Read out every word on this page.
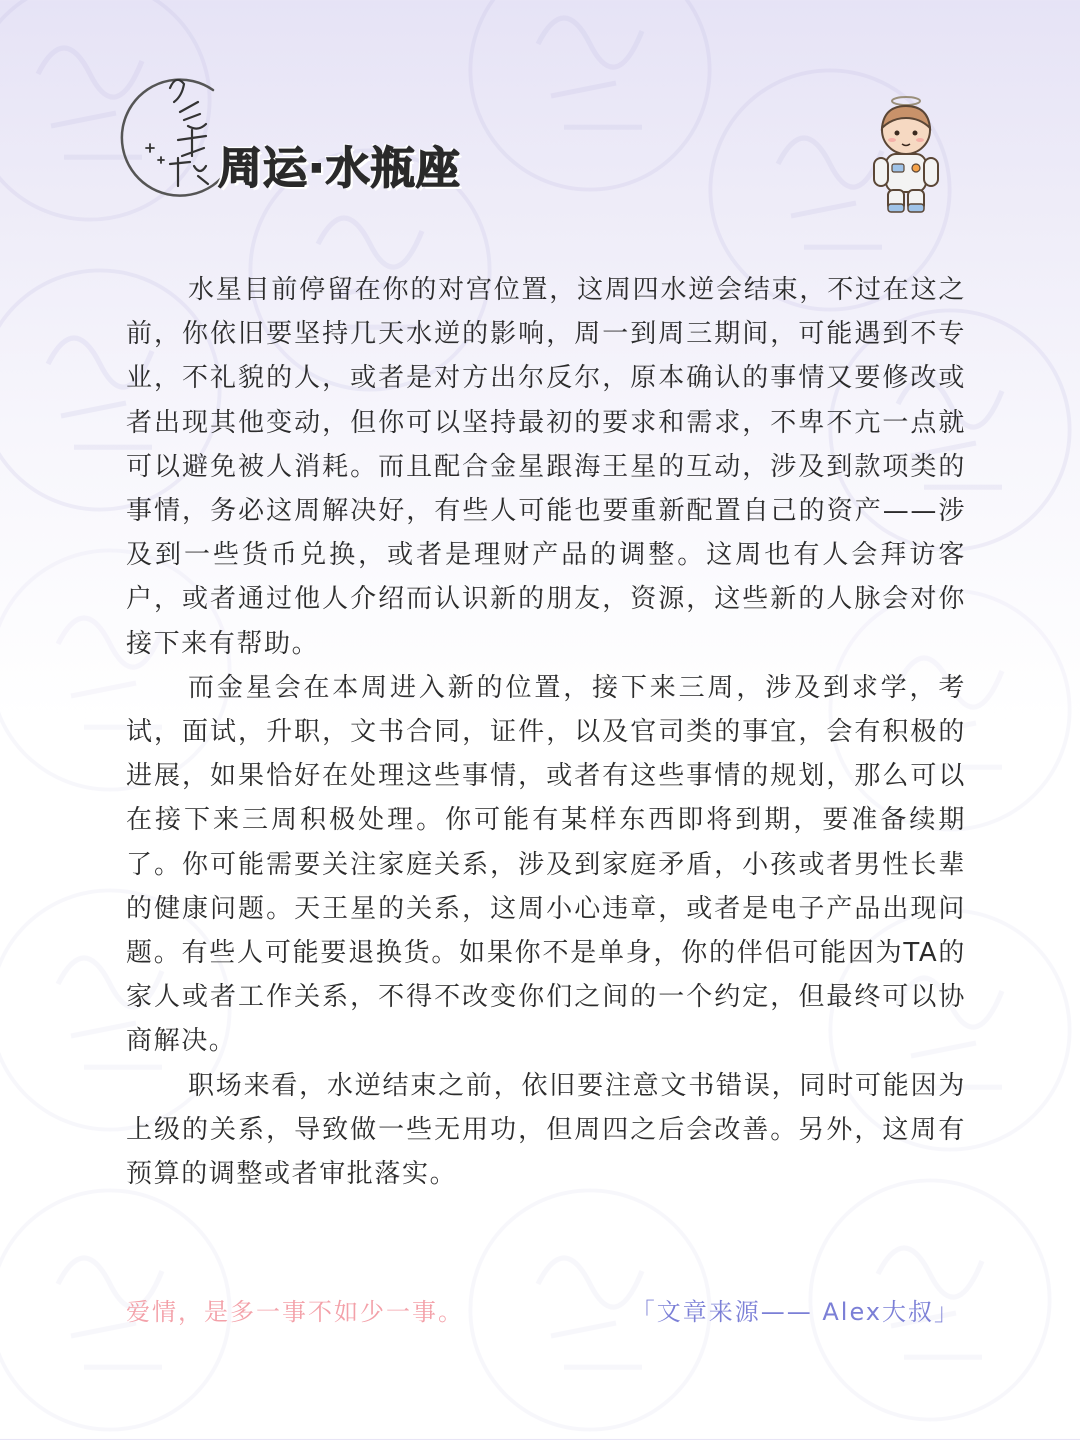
周运·水瓶座

水星目前停留在你的对宫位置，这周四水逆会结束，不过在这之前，你依旧要坚持几天水逆的影响，周一到周三期间，可能遇到不专业，不礼貌的人，或者是对方出尔反尔，原本确认的事情又要修改或者出现其他变动，但你可以坚持最初的要求和需求，不卑不亢一点就可以避免被人消耗。而且配合金星跟海王星的互动，涉及到款项类的事情，务必这周解决好，有些人可能也要重新配置自己的资产——涉及到一些货币兑换，或者是理财产品的调整。这周也有人会拜访客户，或者通过他人介绍而认识新的朋友，资源，这些新的人脉会对你接下来有帮助。

而金星会在本周进入新的位置，接下来三周，涉及到求学，考试，面试，升职，文书合同，证件，以及官司类的事宜，会有积极的进展，如果恰好在处理这些事情，或者有这些事情的规划，那么可以在接下来三周积极处理。你可能有某样东西即将到期，要准备续期了。你可能需要关注家庭关系，涉及到家庭矛盾，小孩或者男性长辈的健康问题。天王星的关系，这周小心违章，或者是电子产品出现问题。有些人可能要退换货。如果你不是单身，你的伴侣可能因为TA的家人或者工作关系，不得不改变你们之间的一个约定，但最终可以协商解决。

职场来看，水逆结束之前，依旧要注意文书错误，同时可能因为上级的关系，导致做一些无用功，但周四之后会改善。另外，这周有预算的调整或者审批落实。

爱情，是多一事不如少一事。	「文章来源—— Alex大叔」
